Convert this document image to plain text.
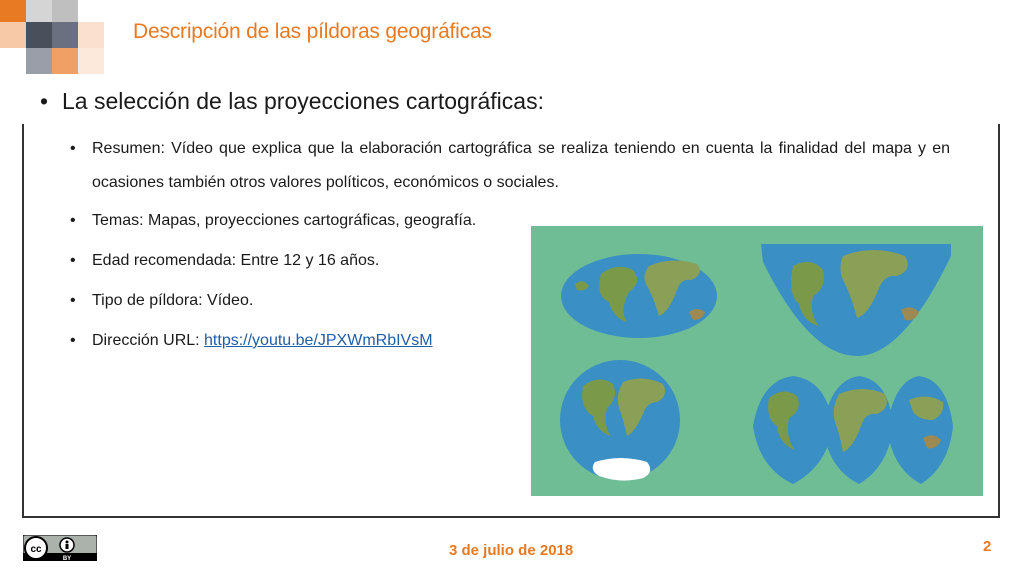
Descripción de las píldoras geográficas
• La selección de las proyecciones cartográficas:
• Resumen: Vídeo que explica que la elaboración cartográfica se realiza teniendo en cuenta la finalidad del mapa y en ocasiones también otros valores políticos, económicos o sociales.
• Temas: Mapas, proyecciones cartográficas, geografía.
• Edad recomendada: Entre 12 y 16 años.
• Tipo de píldora: Vídeo.
• Dirección URL: https://youtu.be/JPXWmRbIVsM
cc
BY	3 de julio de 2018	2
